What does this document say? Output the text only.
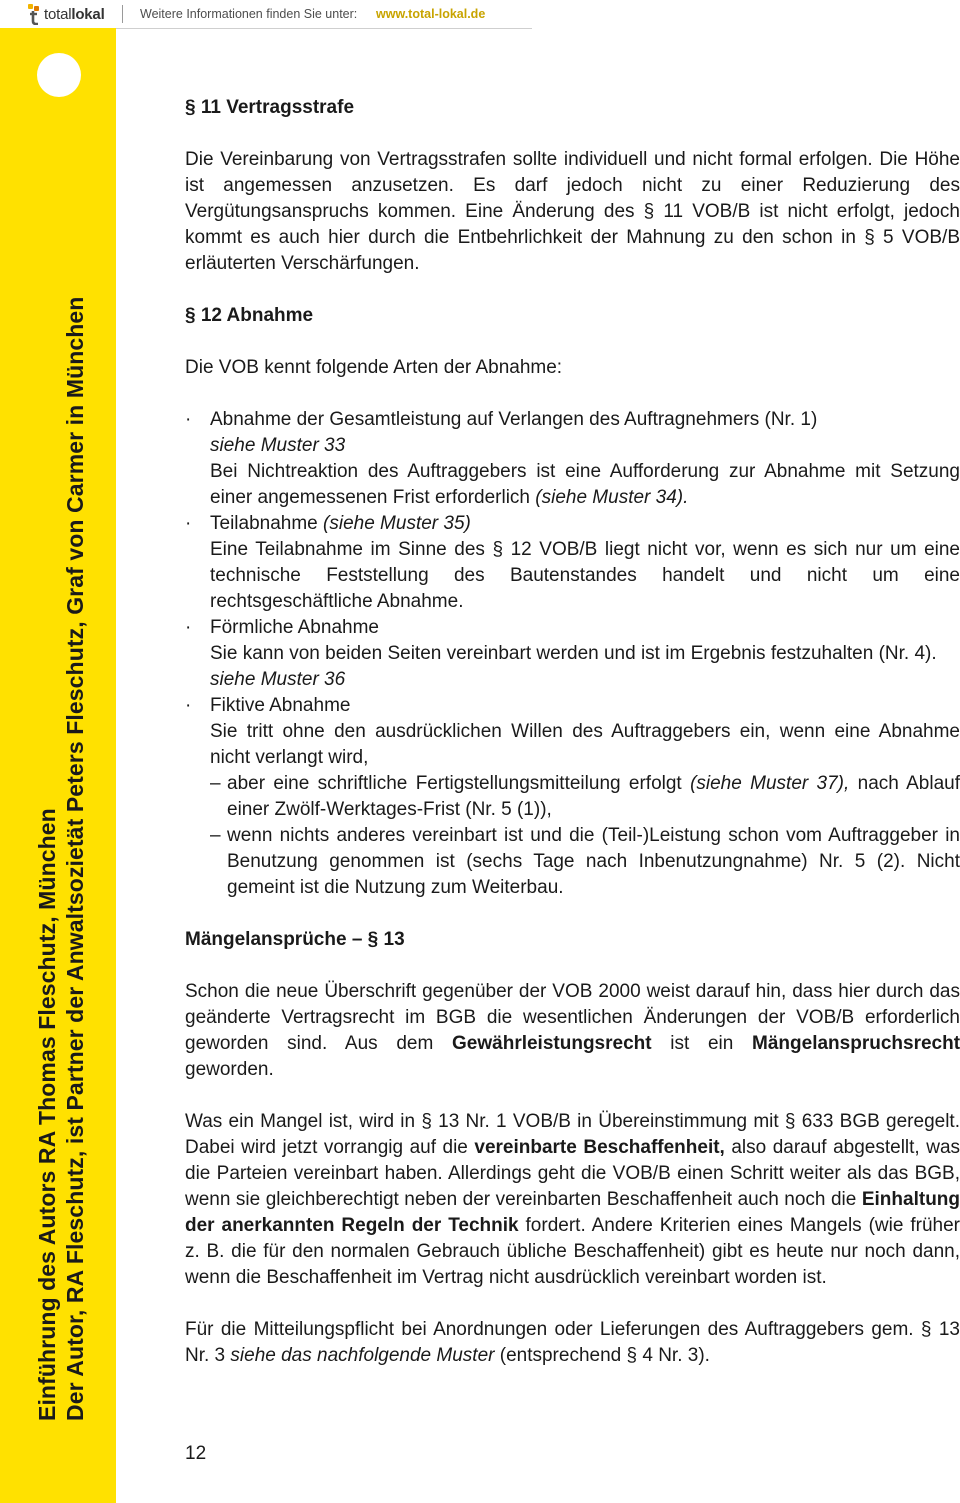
totallokal	Weitere Informationen finden Sie unter: www.total-lokal.de
Einführung des Autors RA Thomas Fleschutz, München Der Autor, RA Fleschutz, ist Partner der Anwaltsozietät Peters Fleschutz, Graf von Carmer in München

§ 11 Vertragsstrafe

Die Vereinbarung von Vertragsstrafen sollte individuell und nicht formal erfolgen. Die Höhe ist angemessen anzusetzen. Es darf jedoch nicht zu einer Reduzierung des Vergütungsanspruchs kommen. Eine Änderung des § 11 VOB/B ist nicht erfolgt, jedoch kommt es auch hier durch die Entbehrlichkeit der Mahnung zu den schon in § 5 VOB/B erläuterten Verschärfungen.

§ 12 Abnahme

Die VOB kennt folgende Arten der Abnahme:

· Abnahme der Gesamtleistung auf Verlangen des Auftragnehmers (Nr. 1)
siehe Muster 33
Bei Nichtreaktion des Auftraggebers ist eine Aufforderung zur Abnahme mit Setzung einer angemessenen Frist erforderlich (siehe Muster 34).
· Teilabnahme (siehe Muster 35)
Eine Teilabnahme im Sinne des § 12 VOB/B liegt nicht vor, wenn es sich nur um eine technische Feststellung des Bautenstandes handelt und nicht um eine rechtsgeschäftliche Abnahme.
· Förmliche Abnahme
Sie kann von beiden Seiten vereinbart werden und ist im Ergebnis festzuhalten (Nr. 4).
siehe Muster 36
· Fiktive Abnahme
Sie tritt ohne den ausdrücklichen Willen des Auftraggebers ein, wenn eine Abnahme nicht verlangt wird,
– aber eine schriftliche Fertigstellungsmitteilung erfolgt (siehe Muster 37), nach Ablauf einer Zwölf-Werktages-Frist (Nr. 5 (1)),
– wenn nichts anderes vereinbart ist und die (Teil-)Leistung schon vom Auftraggeber in Benutzung genommen ist (sechs Tage nach Inbenutzungnahme) Nr. 5 (2). Nicht gemeint ist die Nutzung zum Weiterbau.

Mängelansprüche – § 13

Schon die neue Überschrift gegenüber der VOB 2000 weist darauf hin, dass hier durch das geänderte Vertragsrecht im BGB die wesentlichen Änderungen der VOB/B erforderlich geworden sind. Aus dem Gewährleistungsrecht ist ein Mängelanspruchsrecht geworden.

Was ein Mangel ist, wird in § 13 Nr. 1 VOB/B in Übereinstimmung mit § 633 BGB geregelt. Dabei wird jetzt vorrangig auf die vereinbarte Beschaffenheit, also darauf abgestellt, was die Parteien vereinbart haben. Allerdings geht die VOB/B einen Schritt weiter als das BGB, wenn sie gleichberechtigt neben der vereinbarten Beschaffenheit auch noch die Einhaltung der anerkannten Regeln der Technik fordert. Andere Kriterien eines Mangels (wie früher z. B. die für den normalen Gebrauch übliche Beschaffenheit) gibt es heute nur noch dann, wenn die Beschaffenheit im Vertrag nicht ausdrücklich vereinbart worden ist.

Für die Mitteilungspflicht bei Anordnungen oder Lieferungen des Auftraggebers gem. § 13 Nr. 3 siehe das nachfolgende Muster (entsprechend § 4 Nr. 3).

12
